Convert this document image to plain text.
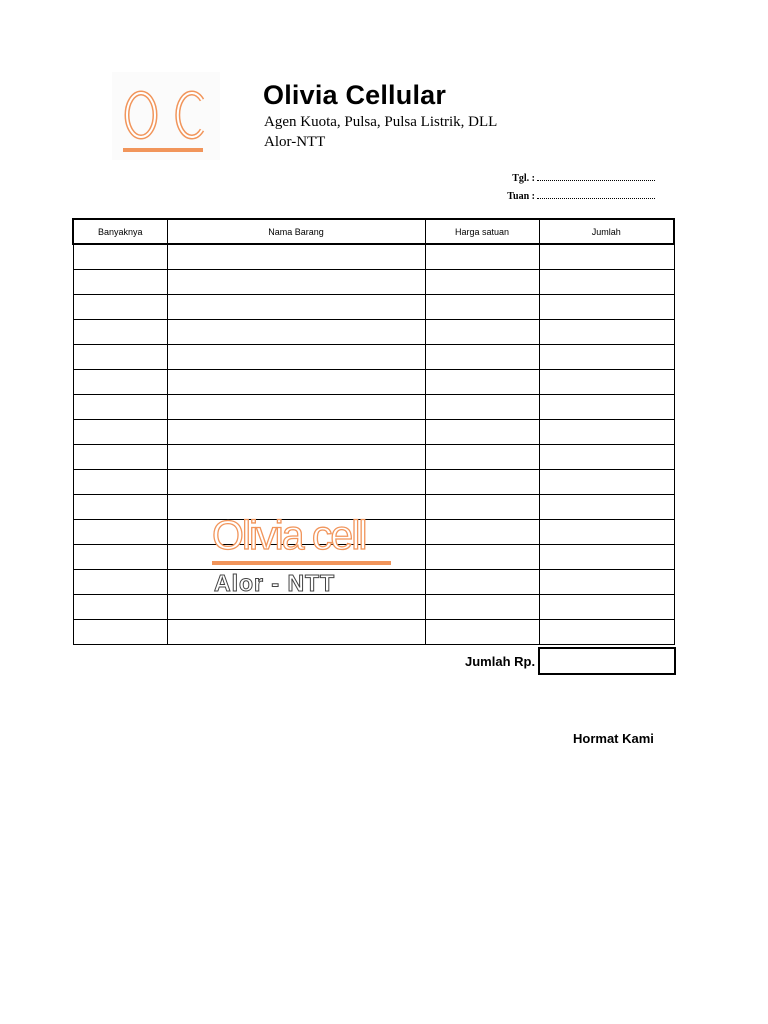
Olivia Cellular
Agen Kuota, Pulsa, Pulsa Listrik, DLL
Alor-NTT
Tgl. :
Tuan :
Banyaknya	Nama Barang	Harga satuan	Jumlah

Olivia cell
Alor - NTT
Jumlah Rp.
Hormat Kami
